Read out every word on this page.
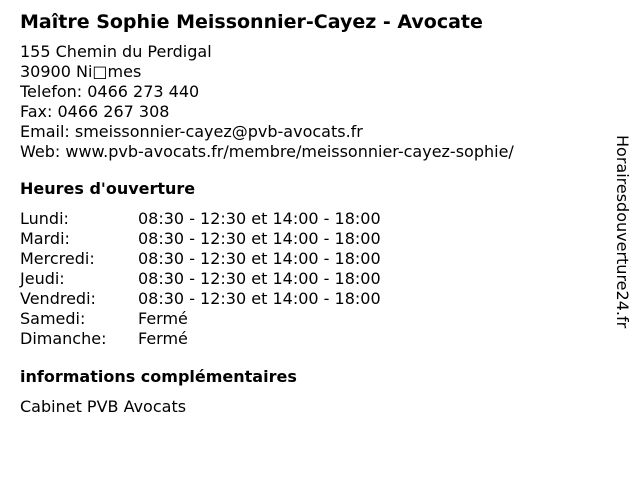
Maître Sophie Meissonnier-Cayez - Avocate
155 Chemin du Perdigal
30900 Ni□mes
Telefon: 0466 273 440
Fax: 0466 267 308
Email: smeissonnier-cayez@pvb-avocats.fr
Web: www.pvb-avocats.fr/membre/meissonnier-cayez-sophie/
Heures d'ouverture
Lundi:	08:30 - 12:30 et 14:00 - 18:00
Mardi:	08:30 - 12:30 et 14:00 - 18:00
Mercredi:	08:30 - 12:30 et 14:00 - 18:00
Jeudi:	08:30 - 12:30 et 14:00 - 18:00
Vendredi:	08:30 - 12:30 et 14:00 - 18:00
Samedi:	Fermé
Dimanche:	Fermé
informations complémentaires
Cabinet PVB Avocats
Horairesdouverture24.fr
